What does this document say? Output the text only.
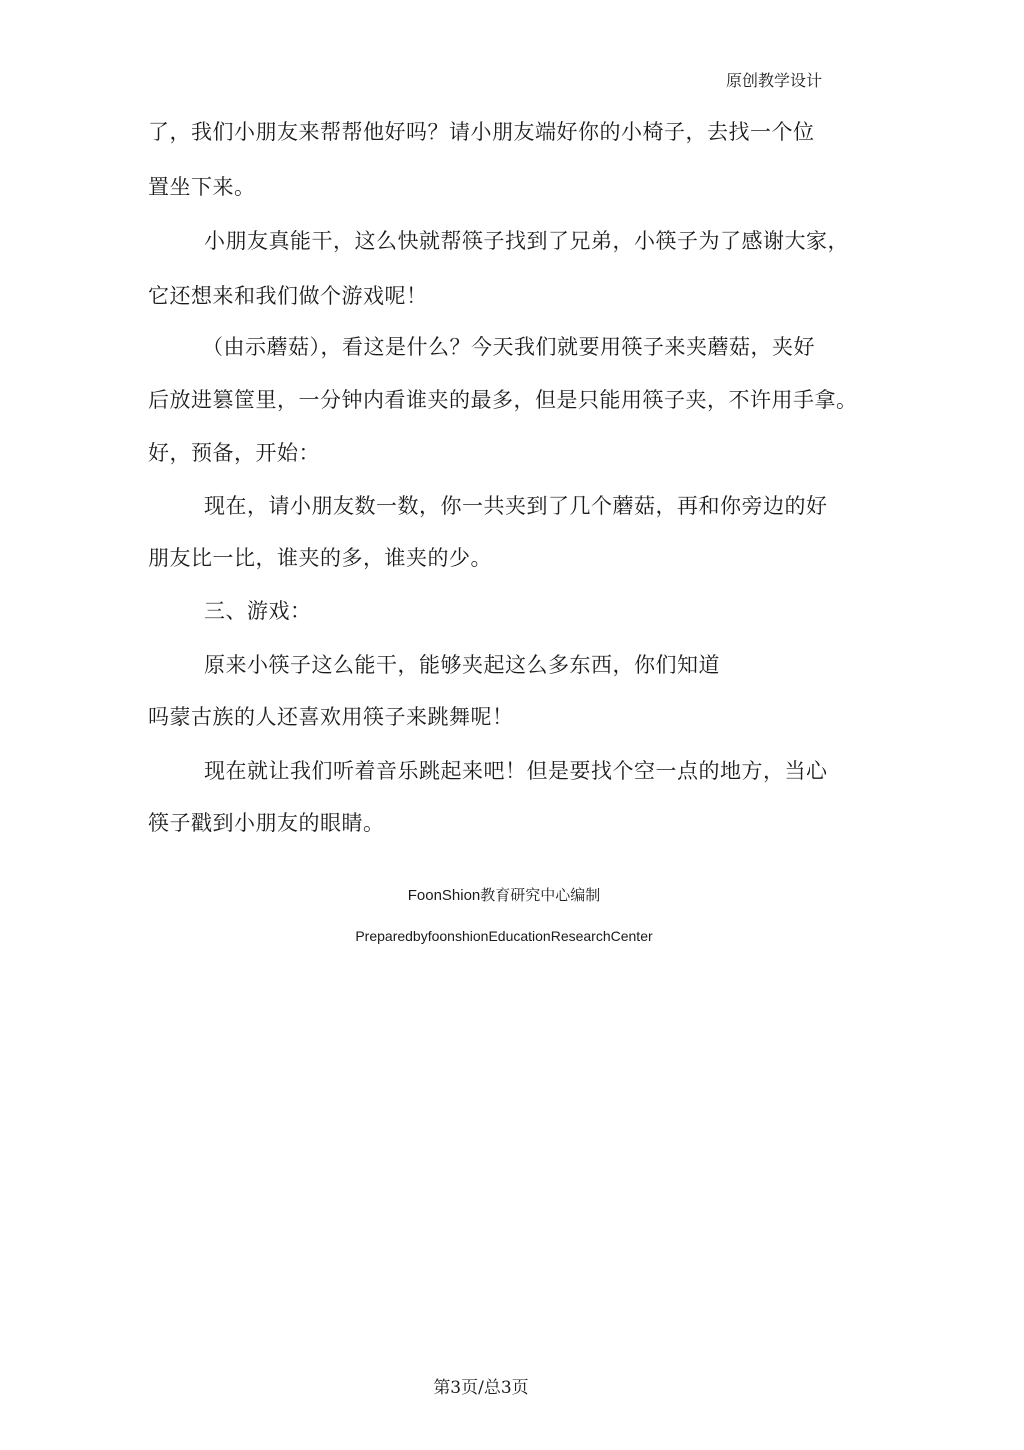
原创教学设计
了，我们小朋友来帮帮他好吗？请小朋友端好你的小椅子，去找一个位
置坐下来。
小朋友真能干，这么快就帮筷子找到了兄弟，小筷子为了感谢大家，
它还想来和我们做个游戏呢！
（由示蘑菇），看这是什么？今天我们就要用筷子来夹蘑菇，夹好
后放进篡筐里，一分钟内看谁夹的最多，但是只能用筷子夹，不许用手拿。
好，预备，开始：
现在，请小朋友数一数，你一共夹到了几个蘑菇，再和你旁边的好
朋友比一比，谁夹的多，谁夹的少。
三、游戏：
原来小筷子这么能干，能够夹起这么多东西，你们知道
吗蒙古族的人还喜欢用筷子来跳舞呢！
现在就让我们听着音乐跳起来吧！但是要找个空一点的地方，当心
筷子戳到小朋友的眼睛。
FoonShion教育研究中心编制
PreparedbyfoonshionEducationResearchCenter
第3页/总3页
